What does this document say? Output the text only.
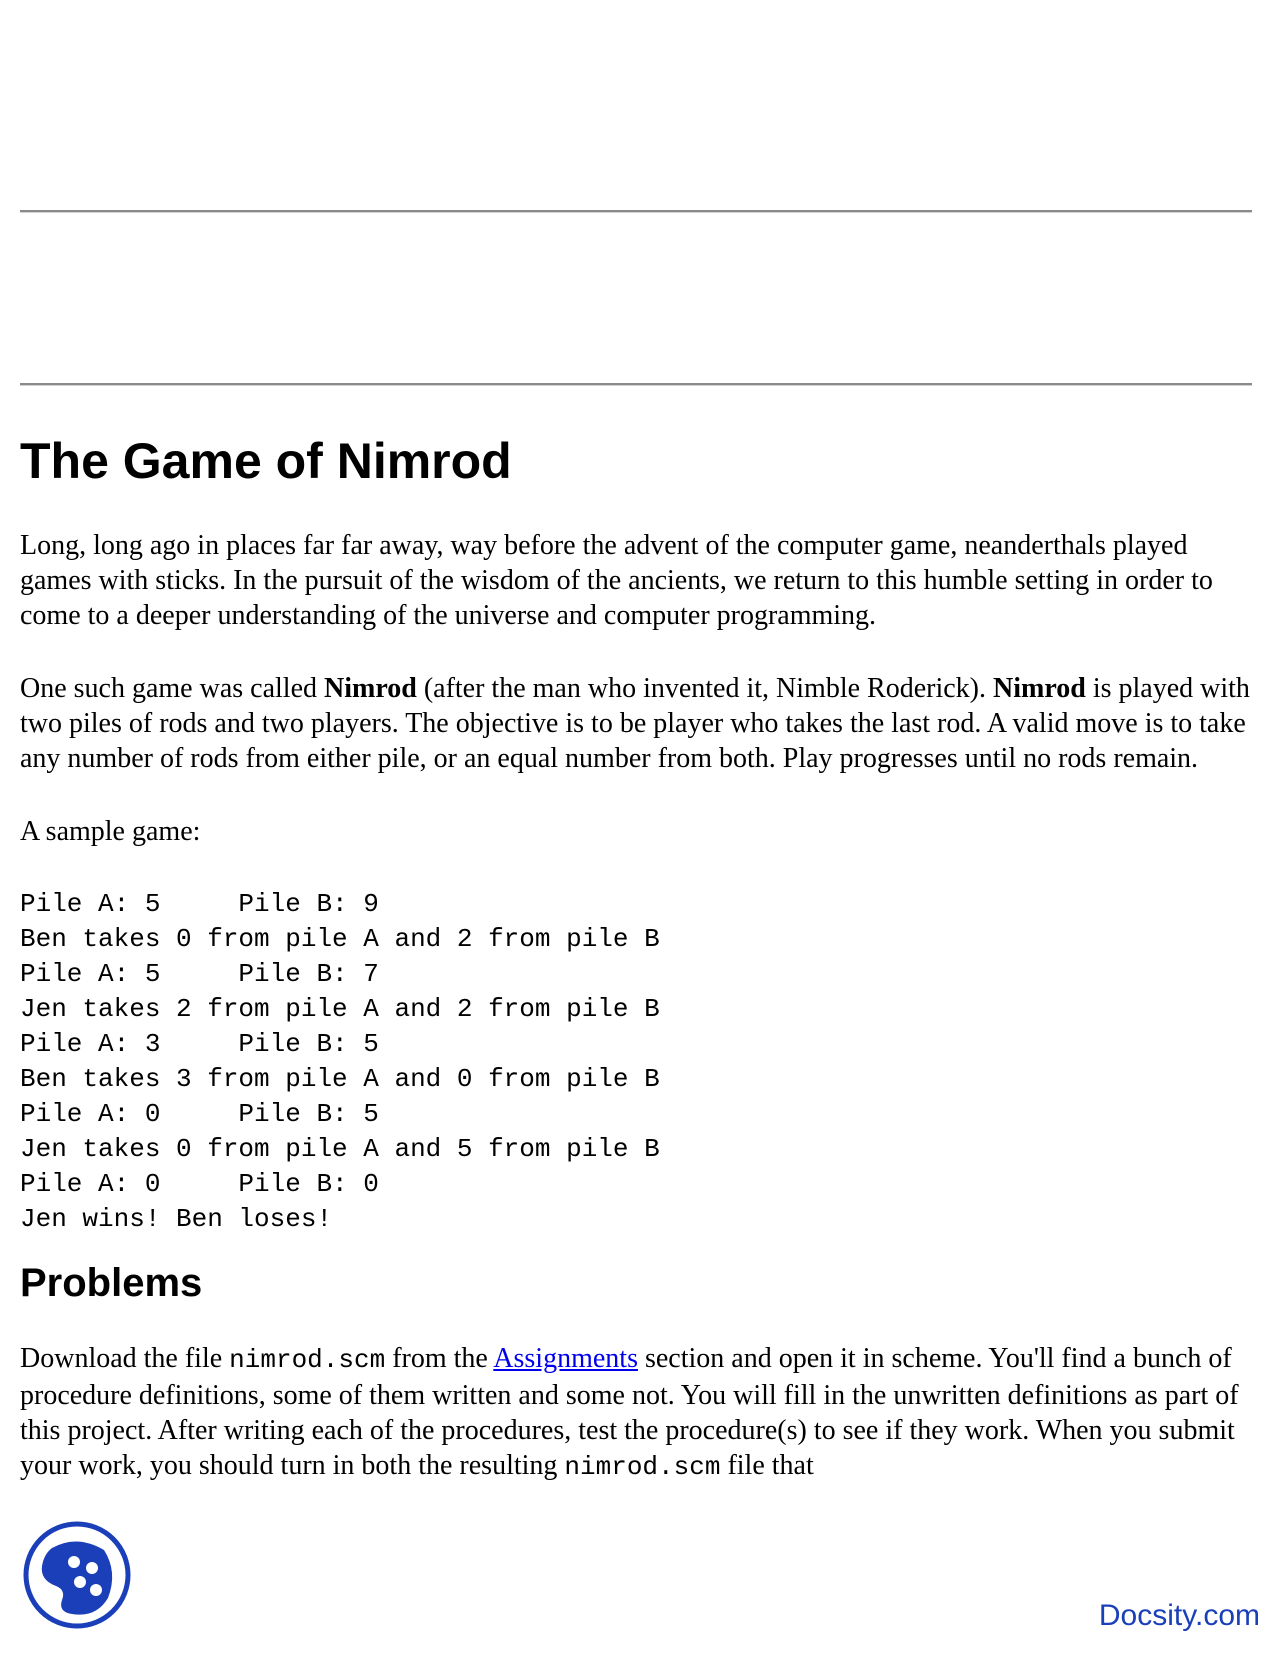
The Game of Nimrod

Long, long ago in places far far away, way before the advent of the computer game, neanderthals played games with sticks. In the pursuit of the wisdom of the ancients, we return to this humble setting in order to come to a deeper understanding of the universe and computer programming.

One such game was called Nimrod (after the man who invented it, Nimble Roderick). Nimrod is played with two piles of rods and two players. The objective is to be player who takes the last rod. A valid move is to take any number of rods from either pile, or an equal number from both. Play progresses until no rods remain.

A sample game:

Pile A: 5     Pile B: 9
Ben takes 0 from pile A and 2 from pile B
Pile A: 5     Pile B: 7
Jen takes 2 from pile A and 2 from pile B
Pile A: 3     Pile B: 5
Ben takes 3 from pile A and 0 from pile B
Pile A: 0     Pile B: 5
Jen takes 0 from pile A and 5 from pile B
Pile A: 0     Pile B: 0
Jen wins! Ben loses!
Problems

Download the file nimrod.scm from the Assignments section and open it in scheme. You'll find a bunch of procedure definitions, some of them written and some not. You will fill in the unwritten definitions as part of this project. After writing each of the procedures, test the procedure(s) to see if they work. When you submit your work, you should turn in both the resulting nimrod.scm file that

Docsity.com
